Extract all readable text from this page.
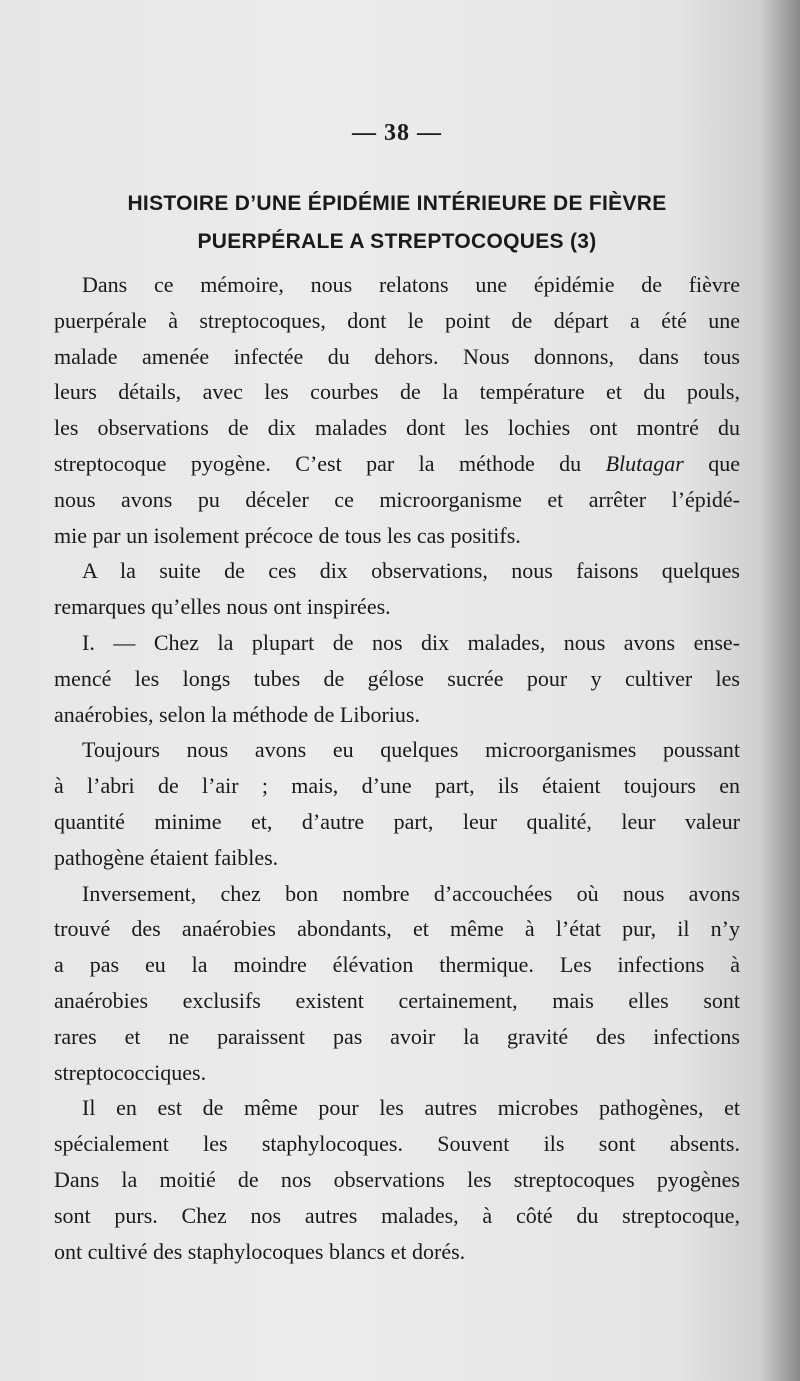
— 38 —
HISTOIRE D’UNE ÉPIDÉMIE INTÉRIEURE DE FIÈVRE
PUERPÉRALE A STREPTOCOQUES (3)
Dans ce mémoire, nous relatons une épidémie de fièvre
puerpérale à streptocoques, dont le point de départ a été une
malade amenée infectée du dehors. Nous donnons, dans tous
leurs détails, avec les courbes de la température et du pouls,
les observations de dix malades dont les lochies ont montré du
streptocoque pyogène. C’est par la méthode du Blutagar que
nous avons pu déceler ce microorganisme et arrêter l’épidé-
mie par un isolement précoce de tous les cas positifs.
A la suite de ces dix observations, nous faisons quelques
remarques qu’elles nous ont inspirées.
I. — Chez la plupart de nos dix malades, nous avons ense-
mencé les longs tubes de gélose sucrée pour y cultiver les
anaérobies, selon la méthode de Liborius.
Toujours nous avons eu quelques microorganismes poussant
à l’abri de l’air ; mais, d’une part, ils étaient toujours en
quantité minime et, d’autre part, leur qualité, leur valeur
pathogène étaient faibles.
Inversement, chez bon nombre d’accouchées où nous avons
trouvé des anaérobies abondants, et même à l’état pur, il n’y
a pas eu la moindre élévation thermique. Les infections à
anaérobies exclusifs existent certainement, mais elles sont
rares et ne paraissent pas avoir la gravité des infections
streptococciques.
Il en est de même pour les autres microbes pathogènes, et
spécialement les staphylocoques. Souvent ils sont absents.
Dans la moitié de nos observations les streptocoques pyogènes
sont purs. Chez nos autres malades, à côté du streptocoque,
ont cultivé des staphylocoques blancs et dorés.
